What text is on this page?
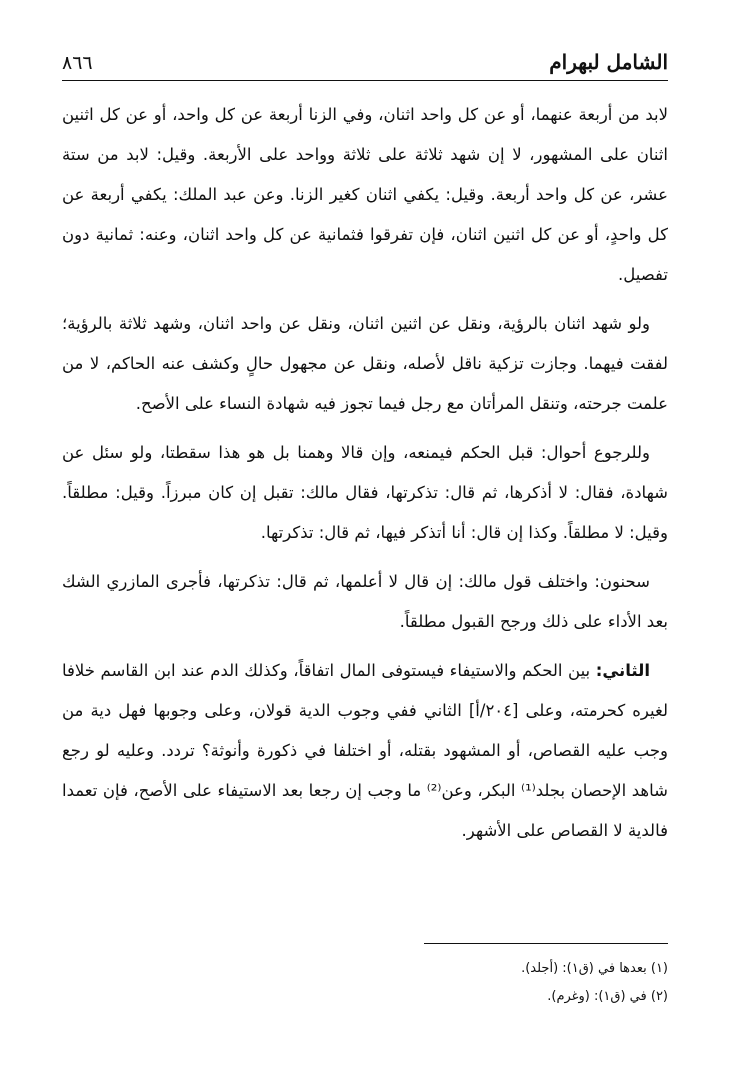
الشامل لبهرام
٨٦٦

لابد من أربعة عنهما، أو عن كل واحد اثنان، وفي الزنا أربعة عن كل واحد، أو عن كل اثنين اثنان على المشهور، لا إن شهد ثلاثة على ثلاثة وواحد على الأربعة. وقيل: لابد من ستة عشر، عن كل واحد أربعة. وقيل: يكفي اثنان كغير الزنا. وعن عبد الملك: يكفي أربعة عن كل واحدٍ، أو عن كل اثنين اثنان، فإن تفرقوا فثمانية عن كل واحد اثنان، وعنه: ثمانية دون تفصيل.

ولو شهد اثنان بالرؤية، ونقل عن اثنين اثنان، ونقل عن واحد اثنان، وشهد ثلاثة بالرؤية؛ لفقت فيهما. وجازت تزكية ناقل لأصله، ونقل عن مجهول حالٍ وكشف عنه الحاكم، لا من علمت جرحته، وتنقل المرأتان مع رجل فيما تجوز فيه شهادة النساء على الأصح.

وللرجوع أحوال: قبل الحكم فيمنعه، وإن قالا وهمنا بل هو هذا سقطتا، ولو سئل عن شهادة، فقال: لا أذكرها، ثم قال: تذكرتها، فقال مالك: تقبل إن كان مبرزاً. وقيل: مطلقاً. وقيل: لا مطلقاً. وكذا إن قال: أنا أتذكر فيها، ثم قال: تذكرتها.

سحنون: واختلف قول مالك: إن قال لا أعلمها، ثم قال: تذكرتها، فأجرى المازري الشك بعد الأداء على ذلك ورجح القبول مطلقاً.

الثاني: بين الحكم والاستيفاء فيستوفى المال اتفاقاً، وكذلك الدم عند ابن القاسم خلافا لغيره كحرمته، وعلى [٢٠٤/أ] الثاني ففي وجوب الدية قولان، وعلى وجوبها فهل دية من وجب عليه القصاص، أو المشهود بقتله، أو اختلفا في ذكورة وأنوثة؟ تردد. وعليه لو رجع شاهد الإحصان بجلد⁽¹⁾ البكر، وعن⁽²⁾ ما وجب إن رجعا بعد الاستيفاء على الأصح، فإن تعمدا فالدية لا القصاص على الأشهر.

(١) بعدها في (ق١): (أجلد).
(٢) في (ق١): (وغرم).
